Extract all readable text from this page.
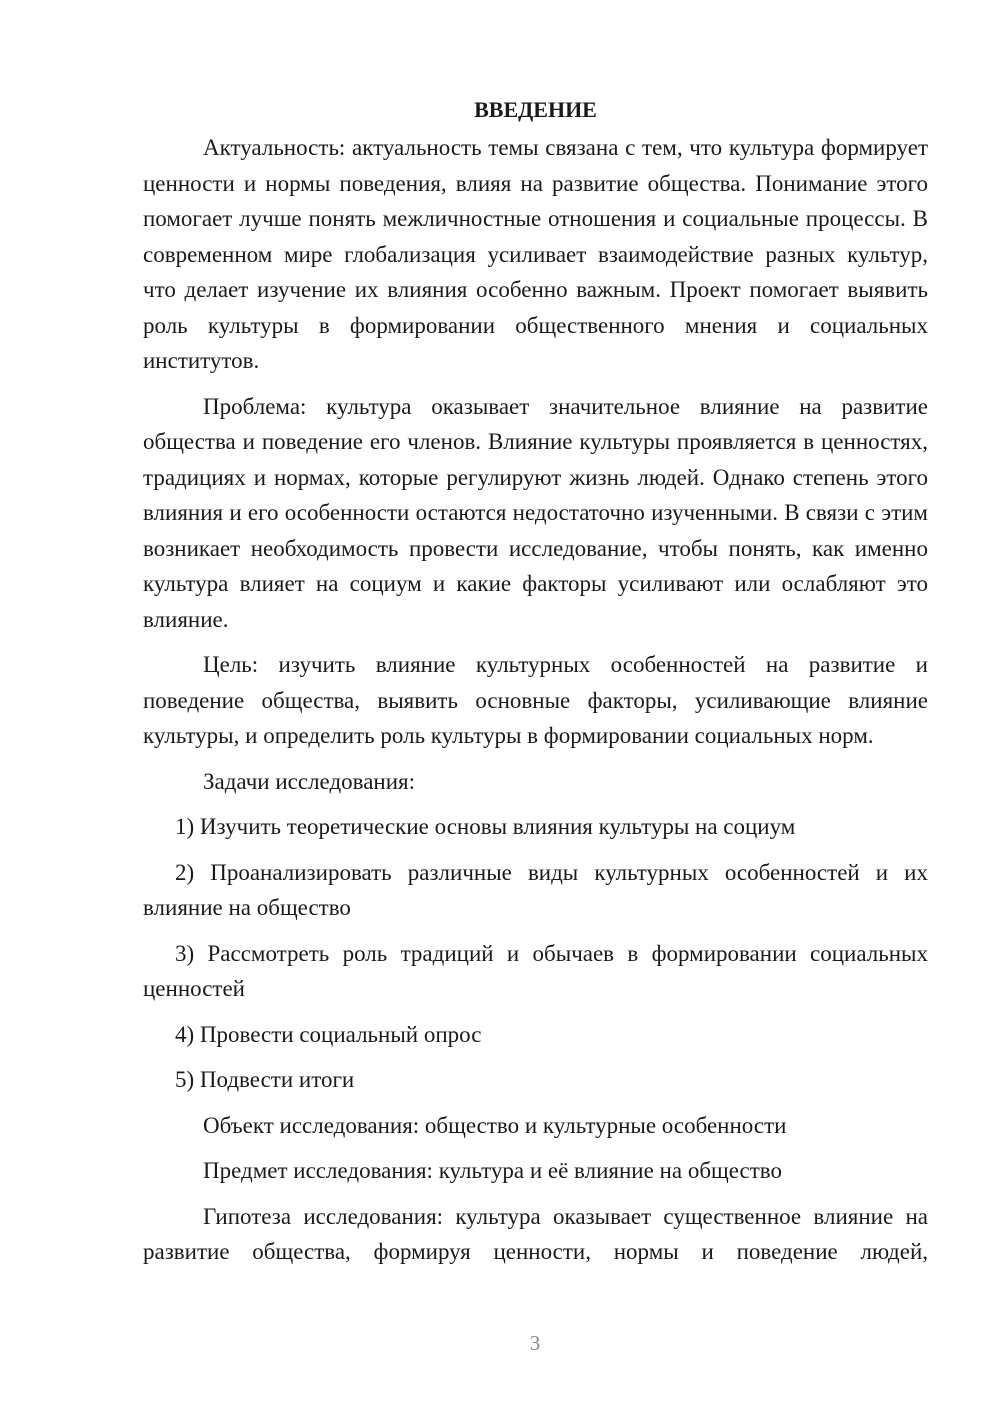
ВВЕДЕНИЕ

Актуальность: актуальность темы связана с тем, что культура формирует ценности и нормы поведения, влияя на развитие общества. Понимание этого помогает лучше понять межличностные отношения и социальные процессы. В современном мире глобализация усиливает взаимодействие разных культур, что делает изучение их влияния особенно важным. Проект помогает выявить роль культуры в формировании общественного мнения и социальных институтов.

Проблема: культура оказывает значительное влияние на развитие общества и поведение его членов. Влияние культуры проявляется в ценностях, традициях и нормах, которые регулируют жизнь людей. Однако степень этого влияния и его особенности остаются недостаточно изученными. В связи с этим возникает необходимость провести исследование, чтобы понять, как именно культура влияет на социум и какие факторы усиливают или ослабляют это влияние.

Цель: изучить влияние культурных особенностей на развитие и поведение общества, выявить основные факторы, усиливающие влияние культуры, и определить роль культуры в формировании социальных норм.

Задачи исследования:

1) Изучить теоретические основы влияния культуры на социум

2) Проанализировать различные виды культурных особенностей и их влияние на общество

3) Рассмотреть роль традиций и обычаев в формировании социальных ценностей

4) Провести социальный опрос

5) Подвести итоги

Объект исследования: общество и культурные особенности

Предмет исследования: культура и её влияние на общество

Гипотеза исследования: культура оказывает существенное влияние на развитие общества, формируя ценности, нормы и поведение людей,

3
